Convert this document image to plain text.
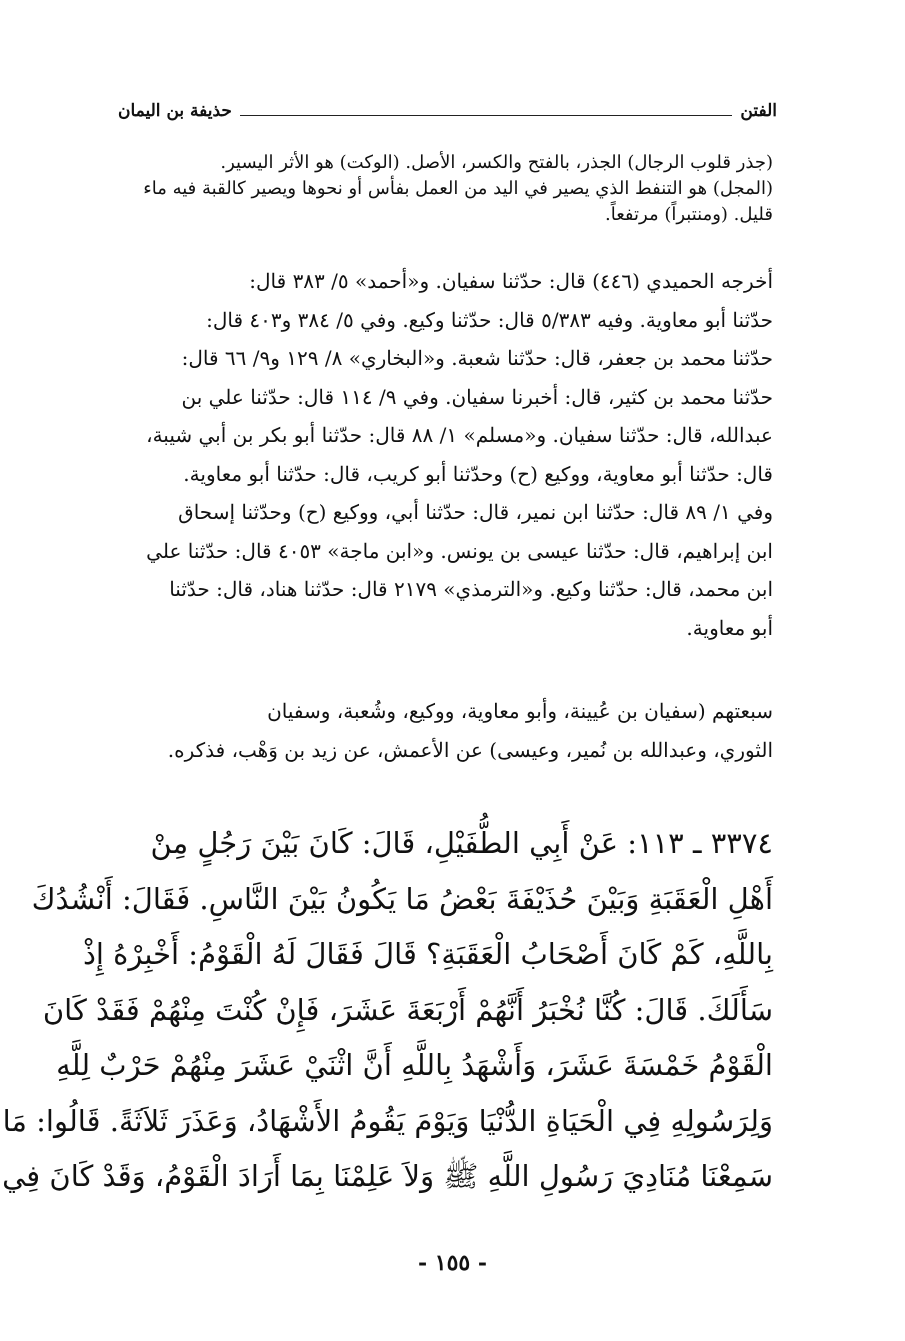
الفتن
حذيفة بن اليمان
(جذر قلوب الرجال) الجذر، بالفتح والكسر، الأصل. (الوكت) هو الأثر اليسير.
(المجل) هو التنفط الذي يصير في اليد من العمل بفأس أو نحوها ويصير كالقبة فيه ماء
قليل. (ومنتبراً) مرتفعاً.
أخرجه الحميدي (٤٤٦) قال: حدّثنا سفيان. و«أحمد» ٥/ ٣٨٣ قال:
حدّثنا أبو معاوية. وفيه ٥/٣٨٣ قال: حدّثنا وكيع. وفي ٥/ ٣٨٤ و٤٠٣ قال:
حدّثنا محمد بن جعفر، قال: حدّثنا شعبة. و«البخاري» ٨/ ١٢٩ و٩/ ٦٦ قال:
حدّثنا محمد بن كثير، قال: أخبرنا سفيان. وفي ٩/ ١١٤ قال: حدّثنا علي بن
عبدالله، قال: حدّثنا سفيان. و«مسلم» ١/ ٨٨ قال: حدّثنا أبو بكر بن أبي شيبة،
قال: حدّثنا أبو معاوية، ووكيع (ح) وحدّثنا أبو كريب، قال: حدّثنا أبو معاوية.
وفي ١/ ٨٩ قال: حدّثنا ابن نمير، قال: حدّثنا أبي، ووكيع (ح) وحدّثنا إسحاق
ابن إبراهيم، قال: حدّثنا عيسى بن يونس. و«ابن ماجة» ٤٠٥٣ قال: حدّثنا علي
ابن محمد، قال: حدّثنا وكيع. و«الترمذي» ٢١٧٩ قال: حدّثنا هناد، قال: حدّثنا
أبو معاوية.
سبعتهم (سفيان بن عُيينة، وأبو معاوية، ووكيع، وشُعبة، وسفيان
الثوري، وعبدالله بن نُمير، وعيسى) عن الأعمش، عن زيد بن وَهْب، فذكره.
٣٣٧٤ ـ ١١٣: عَنْ أَبِي الطُّفَيْلِ، قَالَ: كَانَ بَيْنَ رَجُلٍ مِنْ
أَهْلِ الْعَقَبَةِ وَبَيْنَ حُذَيْفَةَ بَعْضُ مَا يَكُونُ بَيْنَ النَّاسِ. فَقَالَ: أَنْشُدُكَ
بِاللَّهِ، كَمْ كَانَ أَصْحَابُ الْعَقَبَةِ؟ قَالَ فَقَالَ لَهُ الْقَوْمُ: أَخْبِرْهُ إِذْ
سَأَلَكَ. قَالَ: كُنَّا نُخْبَرُ أَنَّهُمْ أَرْبَعَةَ عَشَرَ، فَإِنْ كُنْتَ مِنْهُمْ فَقَدْ كَانَ
الْقَوْمُ خَمْسَةَ عَشَرَ، وَأَشْهَدُ بِاللَّهِ أَنَّ اثْنَيْ عَشَرَ مِنْهُمْ حَرْبٌ لِلَّهِ
وَلِرَسُولِهِ فِي الْحَيَاةِ الدُّنْيَا وَيَوْمَ يَقُومُ الأَشْهَادُ، وَعَذَرَ ثَلاَثَةً. قَالُوا: مَا
سَمِعْنَا مُنَادِيَ رَسُولِ اللَّهِ ﷺ وَلاَ عَلِمْنَا بِمَا أَرَادَ الْقَوْمُ، وَقَدْ كَانَ فِي
- ١٥٥ -
